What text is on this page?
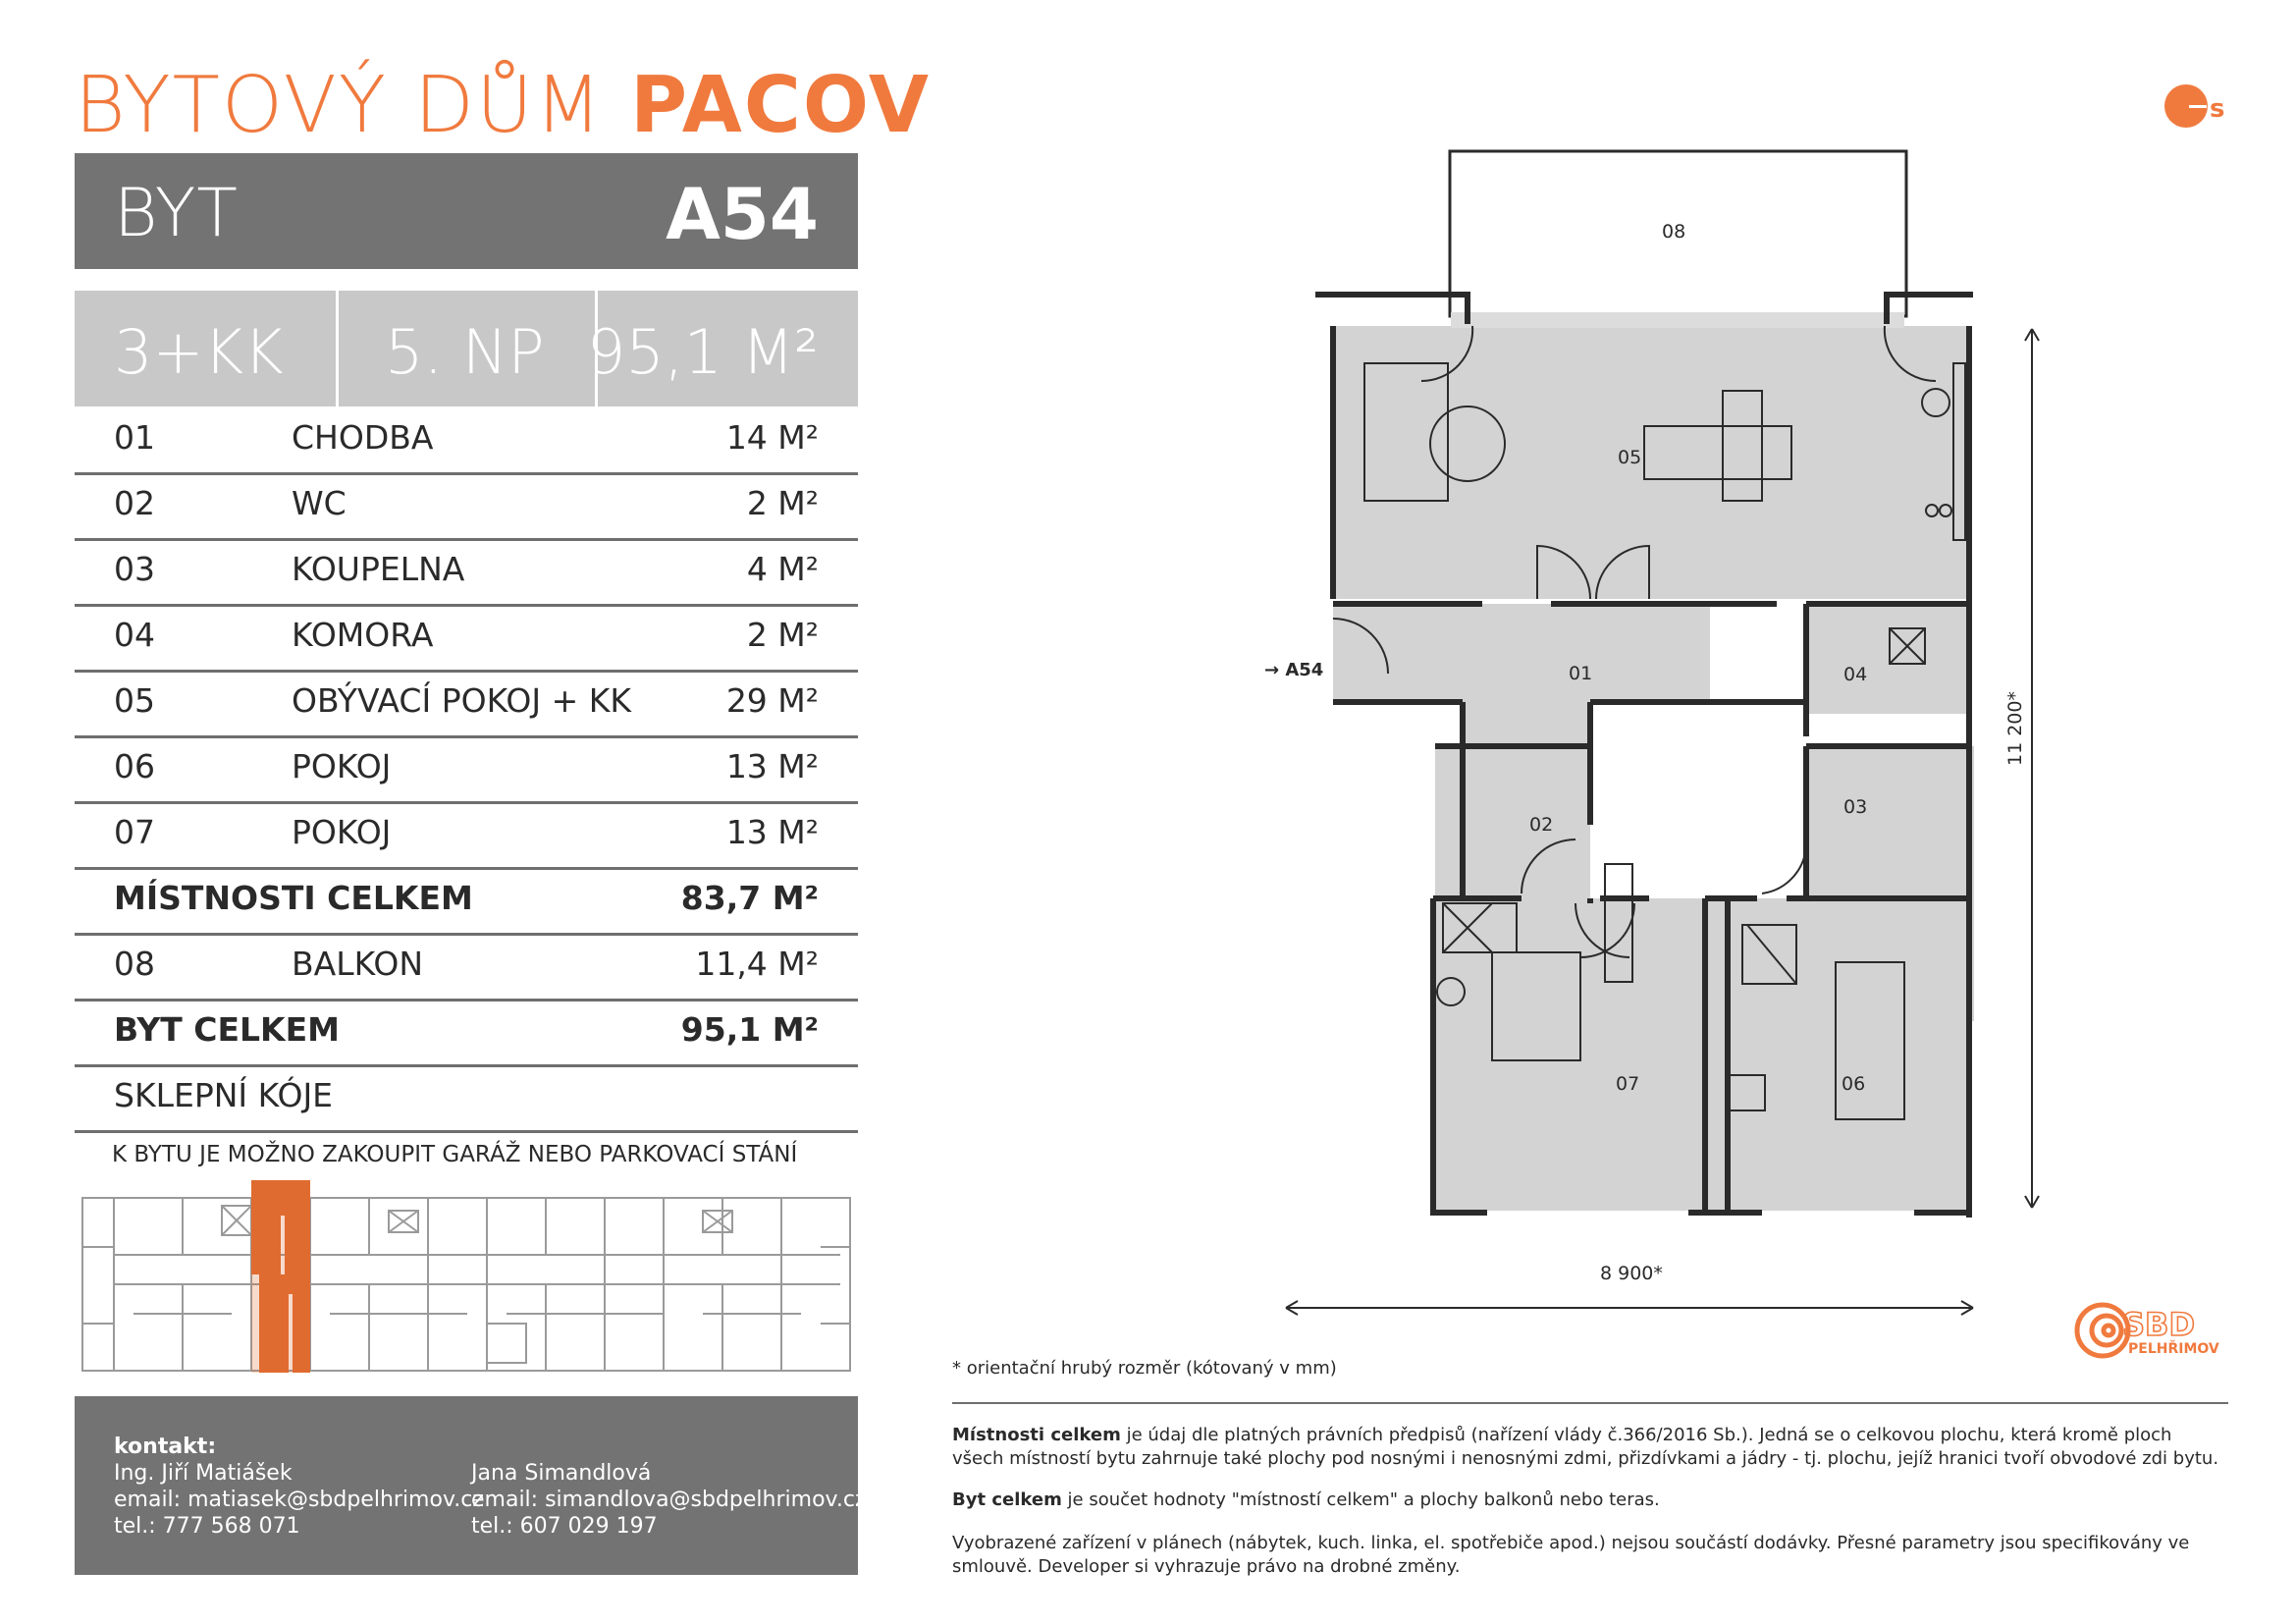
BYTOVÝ DŮM PACOV
BYT	A54
3+KK 5. NP 95,1 M²
01	CHODBA	14 M²
02	WC	2 M²
03	KOUPELNA	4 M²
04	KOMORA	2 M²
05	OBÝVACÍ POKOJ + KK	29 M²
06	POKOJ	13 M²
07	POKOJ	13 M²
MÍSTNOSTI CELKEM	83,7 M²
08	BALKON	11,4 M²
BYT CELKEM	95,1 M²
SKLEPNÍ KÓJE
K BYTU JE MOŽNO ZAKOUPIT GARÁŽ NEBO PARKOVACÍ STÁNÍ
kontakt:
Ing. Jiří Matiášek
email: matiasek@sbdpelhrimov.cz
tel.: 777 568 071
Jana Simandlová
email: simandlova@sbdpelhrimov.cz
tel.: 607 029 197
s
08
05
01
02
04
03
07	06
→ A54
8 900*
11 200*
SBD
PELHŘIMOV
* orientační hrubý rozměr (kótovaný v mm)
Místnosti celkem je údaj dle platných právních předpisů (nařízení vlády č.366/2016 Sb.). Jedná se o celkovou plochu, která kromě ploch všech místností bytu zahrnuje také plochy pod nosnými i nenosnými zdmi, přizdívkami a jádry - tj. plochu, jejíž hranici tvoří obvodové zdi bytu.
Byt celkem je součet hodnoty "místností celkem" a plochy balkonů nebo teras.
Vyobrazené zařízení v plánech (nábytek, kuch. linka, el. spotřebiče apod.) nejsou součástí dodávky. Přesné parametry jsou specifikovány ve smlouvě. Developer si vyhrazuje právo na drobné změny.
